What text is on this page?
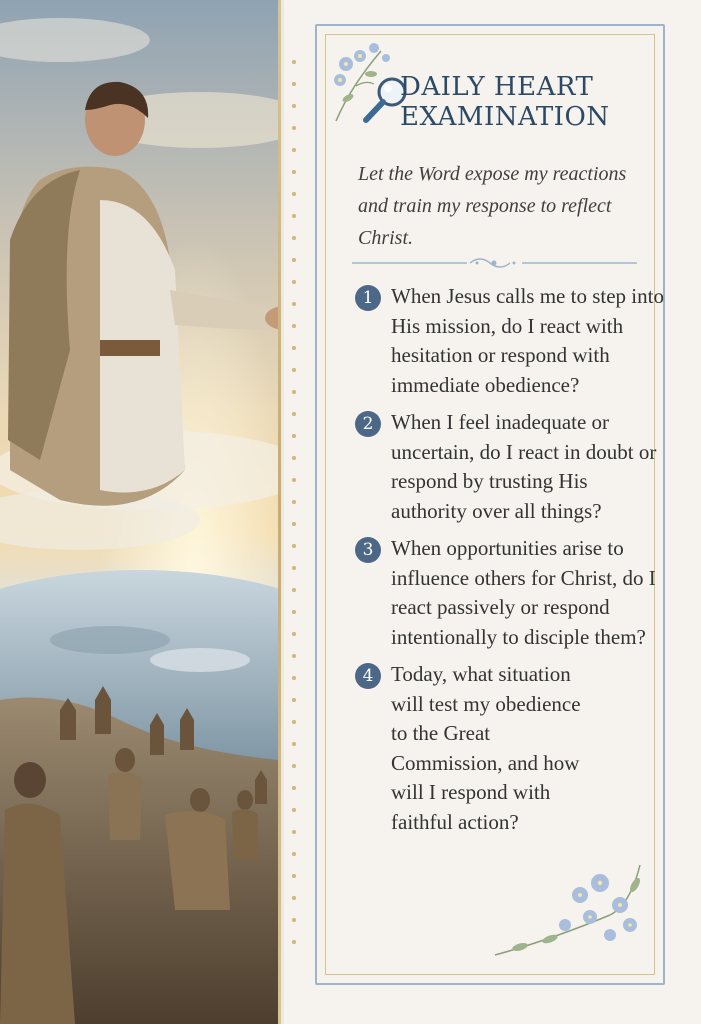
DAILY HEART
EXAMINATION
Let the Word expose my reactions and train my response to reflect Christ.
1 When Jesus calls me to step into His mission, do I react with hesitation or respond with immediate obedience?
2 When I feel inadequate or uncertain, do I react in doubt or respond by trusting His authority over all things?
3 When opportunities arise to influence others for Christ, do I react passively or respond intentionally to disciple them?
4 Today, what situation will test my obedience to the Great Commission, and how will I respond with faithful action?
